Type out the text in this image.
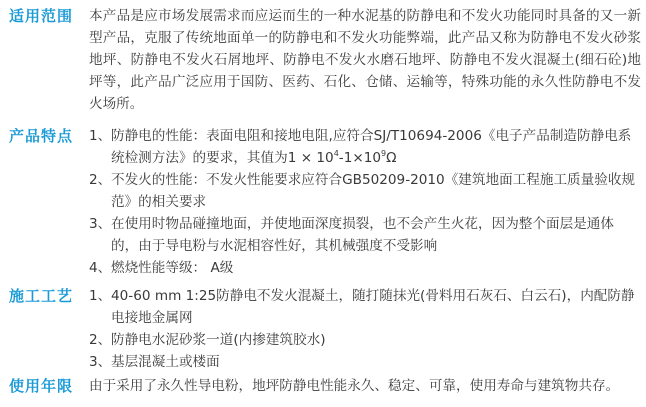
适用范围 本产品是应市场发展需求而应运而生的一种水泥基的防静电和不发火功能同时具备的又一新型产品，克服了传统地面单一的防静电和不发火功能弊端，此产品又称为防静电不发火砂浆地坪、防静电不发火石屑地坪、防静电不发火水磨石地坪、防静电不发火混凝土(细石砼)地坪等，此产品广泛应用于国防、医药、石化、仓储、运输等，特殊功能的永久性防静电不发火场所。

产品特点 1、 防静电的性能：表面电阻和接地电阻,应符合SJ/T10694-2006《电子产品制造防静电系统检测方法》的要求，其值为$1 \times 10^4-1\times 10^9\Omega$
2、 不发火的性能：不发火性能要求应符合GB50209-2010《建筑地面工程施工质量验收规范》的相关要求
3、 在使用时物品碰撞地面，并使地面深度损裂，也不会产生火花，因为整个面层是通体的，由于导电粉与水泥相容性好，其机械强度不受影响
4、 燃烧性能等级： A级
施工工艺 1、 40-60 mm 1:25防静电不发火混凝土，随打随抹光(骨料用石灰石、白云石)，内配防静电接地金属网
2、 防静电水泥砂浆一道(内掺建筑胶水)
3、 基层混凝土或楼面
使用年限 由于采用了永久性导电粉，地坪防静电性能永久、稳定、可靠，使用寿命与建筑物共存。
